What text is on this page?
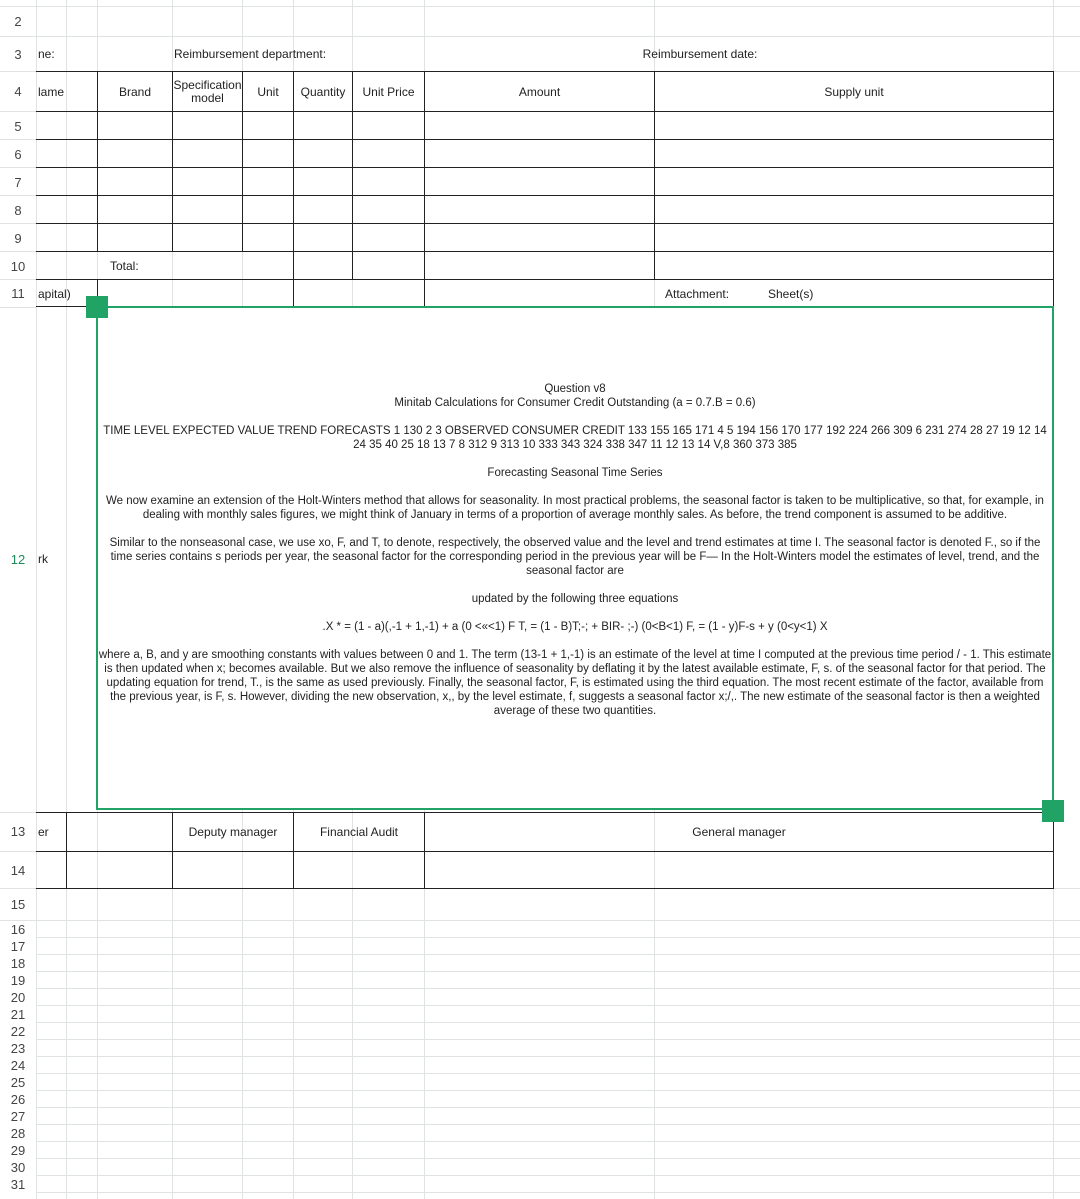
2
3
4
5
6
7
8
9
10
11
12
13
14
15
16
17
18
19
20
21
22
23
24
25
26
27
28
29
30
31
ne:	Reimbursement department:	Reimbursement date:
lame	Brand	Specification model	Unit	Quantity	Unit Price	Amount	Supply unit
Total:
apital)	Attachment:	Sheet(s)
rk
er	Deputy manager	Financial Audit	General manager

Question v8

Minitab Calculations for Consumer Credit Outstanding (a = 0.7.B = 0.6)

TIME LEVEL EXPECTED VALUE TREND FORECASTS 1 130 2 3 OBSERVED CONSUMER CREDIT 133 155 165 171 4 5 194 156 170 177 192 224 266 309 6 231 274 28 27 19 12 14 24 35 40 25 18 13 7 8 312 9 313 10 333 343 324 338 347 11 12 13 14 V,8 360 373 385

Forecasting Seasonal Time Series

We now examine an extension of the Holt-Winters method that allows for seasonality. In most practical problems, the seasonal factor is taken to be multiplicative, so that, for example, in dealing with monthly sales figures, we might think of January in terms of a proportion of average monthly sales. As before, the trend component is assumed to be additive.

Similar to the nonseasonal case, we use xo, F, and T, to denote, respectively, the observed value and the level and trend estimates at time I. The seasonal factor is denoted F., so if the time series contains s periods per year, the seasonal factor for the corresponding period in the previous year will be F— In the Holt-Winters model the estimates of level, trend, and the seasonal factor are

updated by the following three equations

.X * = (1 - a)(,-1 + 1,-1) + a (0 <«<1) F T, = (1 - B)T;-; + BIR- ;-) (0<B<1) F, = (1 - y)F-s + y (0<y<1) X

where a, B, and y are smoothing constants with values between 0 and 1. The term (13-1 + 1,-1) is an estimate of the level at time I computed at the previous time period / - 1. This estimate is then updated when x; becomes available. But we also remove the influence of seasonality by deflating it by the latest available estimate, F, s. of the seasonal factor for that period. The updating equation for trend, T., is the same as used previously. Finally, the seasonal factor, F, is estimated using the third equation. The most recent estimate of the factor, available from the previous year, is F, s. However, dividing the new observation, x,, by the level estimate, f, suggests a seasonal factor x;/,. The new estimate of the seasonal factor is then a weighted average of these two quantities.
